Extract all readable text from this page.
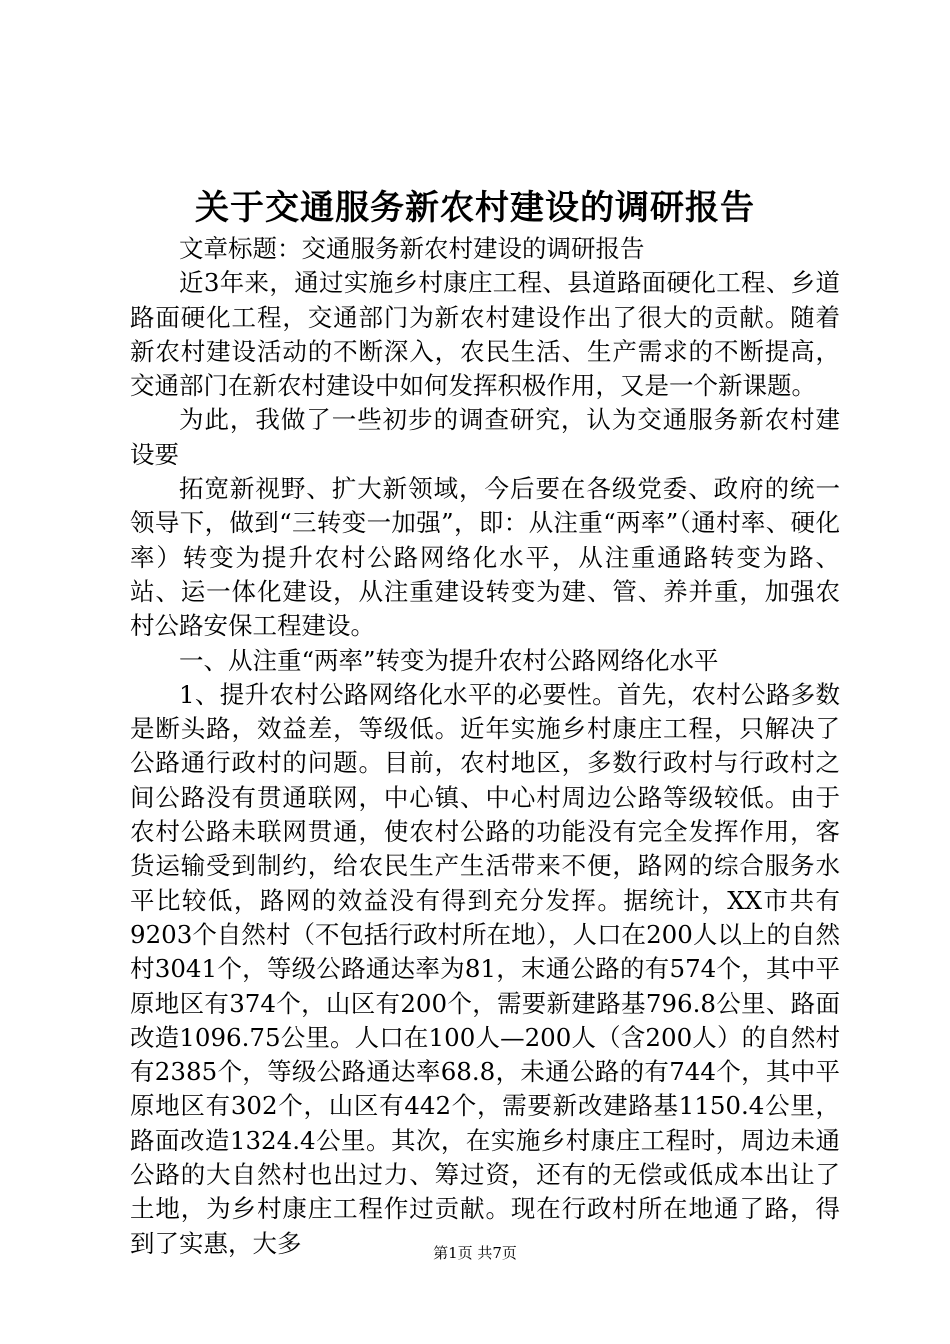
关于交通服务新农村建设的调研报告

文章标题：交通服务新农村建设的调研报告

近3年来，通过实施乡村康庄工程、县道路面硬化工程、乡道路面硬化工程，交通部门为新农村建设作出了很大的贡献。随着新农村建设活动的不断深入，农民生活、生产需求的不断提高，交通部门在新农村建设中如何发挥积极作用，又是一个新课题。

为此，我做了一些初步的调查研究，认为交通服务新农村建设要

拓宽新视野、扩大新领域，今后要在各级党委、政府的统一领导下，做到“三转变一加强”，即：从注重“两率”（通村率、硬化率）转变为提升农村公路网络化水平，从注重通路转变为路、站、运一体化建设，从注重建设转变为建、管、养并重，加强农村公路安保工程建设。

一、从注重“两率”转变为提升农村公路网络化水平

1、提升农村公路网络化水平的必要性。首先，农村公路多数是断头路，效益差，等级低。近年实施乡村康庄工程，只解决了公路通行政村的问题。目前，农村地区，多数行政村与行政村之间公路没有贯通联网，中心镇、中心村周边公路等级较低。由于农村公路未联网贯通，使农村公路的功能没有完全发挥作用，客货运输受到制约，给农民生产生活带来不便，路网的综合服务水平比较低，路网的效益没有得到充分发挥。据统计，XX市共有9203个自然村（不包括行政村所在地），人口在200人以上的自然村3041个，等级公路通达率为81，末通公路的有574个，其中平原地区有374个，山区有200个，需要新建路基796.8公里、路面改造1096.75公里。人口在100人—200人（含200人）的自然村有2385个，等级公路通达率68.8，未通公路的有744个，其中平原地区有302个，山区有442个，需要新改建路基1150.4公里，路面改造1324.4公里。其次，在实施乡村康庄工程时，周边未通公路的大自然村也出过力、筹过资，还有的无偿或低成本出让了土地，为乡村康庄工程作过贡献。现在行政村所在地通了路，得到了实惠，大多	第1页 共7页
